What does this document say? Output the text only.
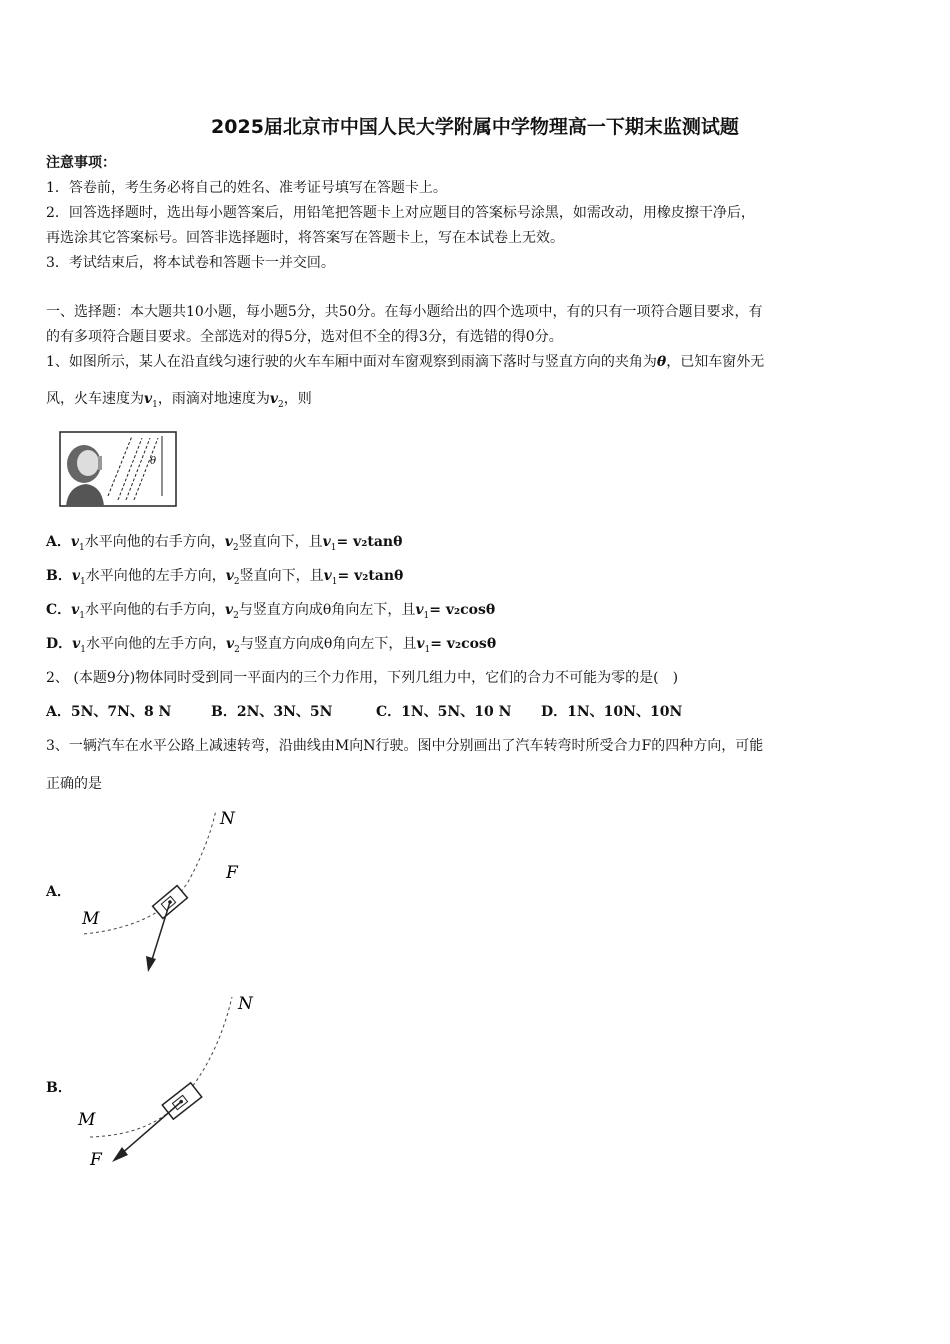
2025届北京市中国人民大学附属中学物理高一下期末监测试题
注意事项：
1．答卷前，考生务必将自己的姓名、准考证号填写在答题卡上。
2．回答选择题时，选出每小题答案后，用铅笔把答题卡上对应题目的答案标号涂黑，如需改动，用橡皮擦干净后，
再选涂其它答案标号。回答非选择题时，将答案写在答题卡上，写在本试卷上无效。
3．考试结束后，将本试卷和答题卡一并交回。
一、选择题：本大题共10小题，每小题5分，共50分。在每小题给出的四个选项中，有的只有一项符合题目要求，有
的有多项符合题目要求。全部选对的得5分，选对但不全的得3分，有选错的得0分。
1、如图所示，某人在沿直线匀速行驶的火车车厢中面对车窗观察到雨滴下落时与竖直方向的夹角为θ，已知车窗外无
风，火车速度为$v_1$，雨滴对地速度为$v_2$，则
θ
A．$v_1$水平向他的右手方向，$v_2$竖直向下，且$v_1= v_2\tan\theta$
B．$v_1$水平向他的左手方向，$v_2$竖直向下，且$v_1= v_2\tan\theta$
C．$v_1$水平向他的右手方向，$v_2$与竖直方向成θ角向左下，且$v_1= v_2\cos\theta$
D．$v_1$水平向他的左手方向，$v_2$与竖直方向成θ角向左下，且$v_1= v_2\cos\theta$
2、 (本题9分)物体同时受到同一平面内的三个力作用，下列几组力中，它们的合力不可能为零的是(　)
A．5N、7N、8 N	B．2N、3N、5N	C．1N、5N、10 N D．1N、10N、10N
3、一辆汽车在水平公路上减速转弯，沿曲线由M向N行驶。图中分别画出了汽车转弯时所受合力F的四种方向，可能
正确的是
A．
N
F
M
B．
N
M
F
